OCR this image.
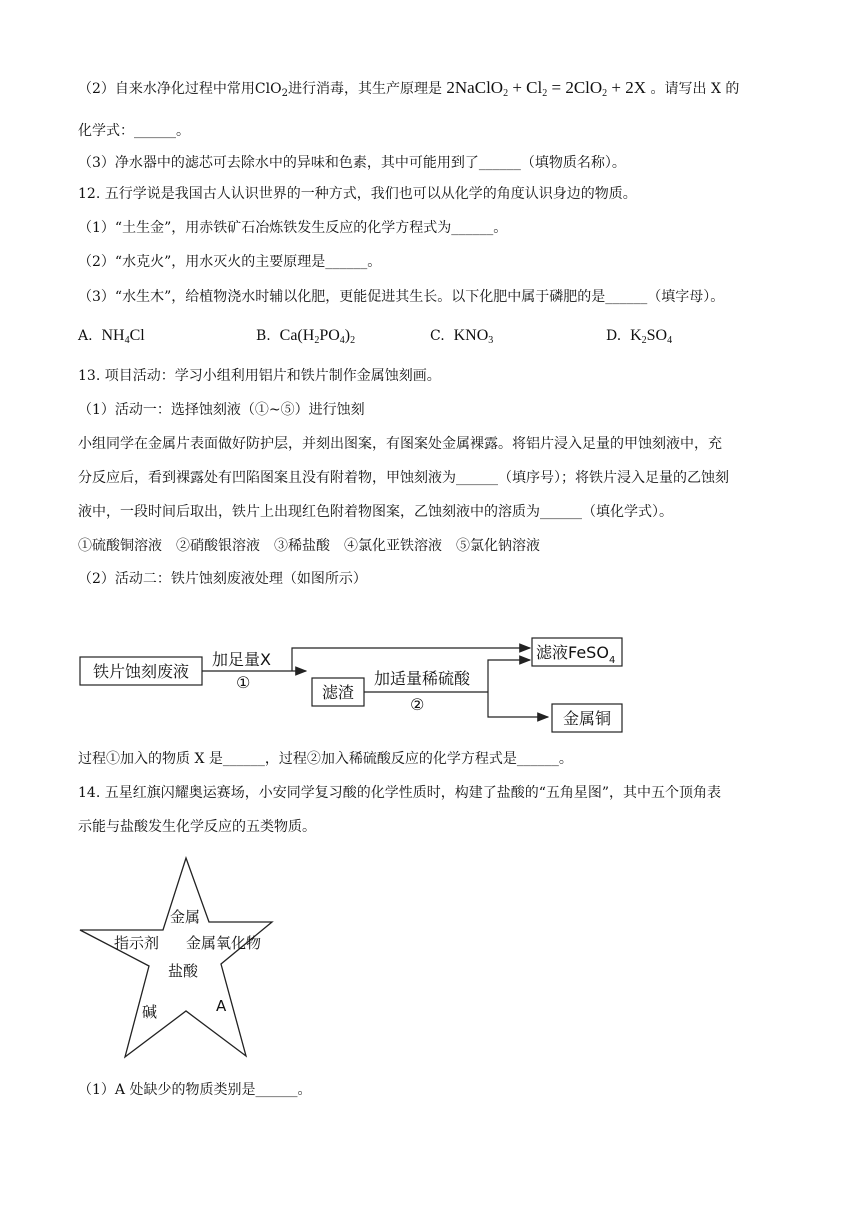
（2）自来水净化过程中常用ClO$_2$进行消毒，其生产原理是 2NaClO$_2$ + $Cl_2 = 2ClO_2 + 2X$ 。请写出 X 的
化学式：______。
（3）净水器中的滤芯可去除水中的异味和色素，其中可能用到了______（填物质名称）。
12. 五行学说是我国古人认识世界的一种方式，我们也可以从化学的角度认识身边的物质。
（1）“土生金”，用赤铁矿石冶炼铁发生反应的化学方程式为______。
（2）“水克火”，用水灭火的主要原理是______。
（3）“水生木”，给植物浇水时辅以化肥，更能促进其生长。以下化肥中属于磷肥的是______（填字母）。
A. $NH_4Cl$	B. $Ca(H_2PO_4)_2$	C. $KNO_3$	D. $K_2SO_4$
13. 项目活动：学习小组利用铝片和铁片制作金属蚀刻画。
（1）活动一：选择蚀刻液（①~⑤）进行蚀刻
小组同学在金属片表面做好防护层，并刻出图案，有图案处金属裸露。将铝片浸入足量的甲蚀刻液中，充
分反应后，看到裸露处有凹陷图案且没有附着物，甲蚀刻液为______（填序号）；将铁片浸入足量的乙蚀刻
液中，一段时间后取出，铁片上出现红色附着物图案，乙蚀刻液中的溶质为______（填化学式）。
①硫酸铜溶液　②硝酸银溶液　③稀盐酸　④氯化亚铁溶液　⑤氯化钠溶液
（2）活动二：铁片蚀刻废液处理（如图所示）
铁片蚀刻废液
加足量X
①
滤渣
加适量稀硫酸
②
滤液FeSO$_4$
金属铜
过程①加入的物质 X 是______，过程②加入稀硫酸反应的化学方程式是______。
14. 五星红旗闪耀奥运赛场，小安同学复习酸的化学性质时，构建了盐酸的“五角星图”，其中五个顶角表
示能与盐酸发生化学反应的五类物质。
金属
指示剂 金属氧化物
盐酸
碱	A
（1）A 处缺少的物质类别是______。
